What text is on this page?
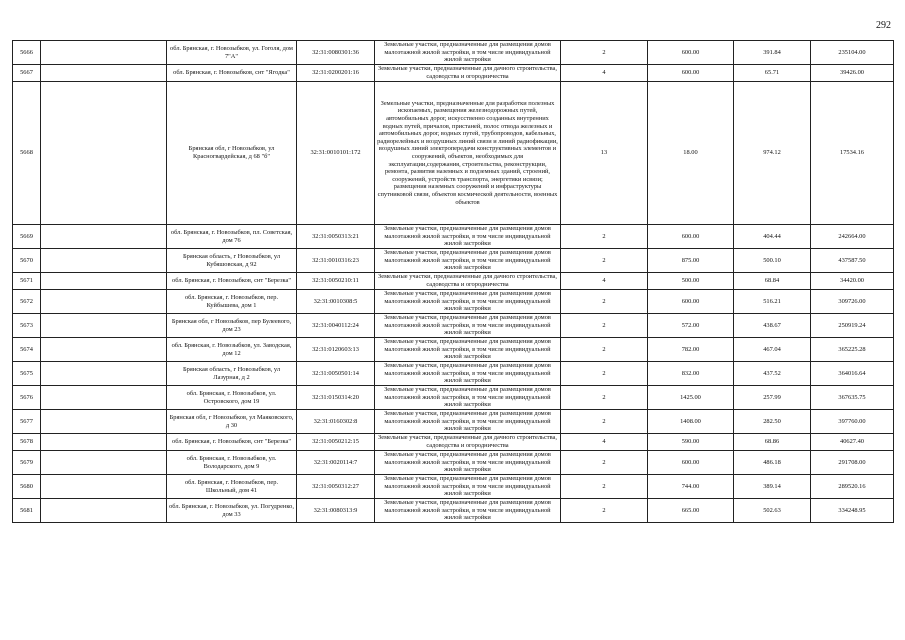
292
5666		обл. Брянская, г. Новозыбков, ул. Гоголя, дом 7"А"	32:31:0080301:36	Земельные участки, предназначенные для размещения домов малоэтажной жилой застройки, в том числе индивидуальной жилой застройки	2	600.00	391.84	235104.00
5667		обл. Брянская, г. Новозыбков, снт "Ягодка"	32:31:0200201:16	Земельные участки, предназначенные для дачного строительства, садоводства и огородничества	4	600.00	65.71	39426.00
5668		Брянская обл, г Новозыбков, ул Красногвардейская, д 68 "б"	32:31:0010101:172	Земельные участки, предназначенные для разработки полезных ископаемых, размещения железнодорожных путей, автомобильных дорог, искусственно созданных внутренних водных путей, причалов, пристаней, полос отвода железных и автомобильных дорог, водных путей, трубопроводов, кабельных, радиорелейных и воздушных линий связи и линий радиофикации, воздушных линий электропередачи конструктивных элементов и сооружений, объектов, необходимых для эксплуатации,содержания, строительства, реконструкции, ремонта, развития наземных и подземных зданий, строений, сооружений, устройств транспорта, энергетики исвязи; размещения наземных сооружений и инфраструктуры спутниковой связи, объектов космической деятельности, военных объектов	13	18.00	974.12	17534.16
5669		обл. Брянская, г. Новозыбков, пл. Советская, дом 76	32:31:0050313:21	Земельные участки, предназначенные для размещения домов малоэтажной жилой застройки, в том числе индивидуальной жилой застройки	2	600.00	404.44	242664.00
5670		Брянская область, г Новозыбков, ул Кубяшовская, д 92	32:31:0010316:23	Земельные участки, предназначенные для размещения домов малоэтажной жилой застройки, в том числе индивидуальной жилой застройки	2	875.00	500.10	437587.50
5671		обл. Брянская, г. Новозыбков, снт "Березка"	32:31:0050210:11	Земельные участки, предназначенные для дачного строительства, садоводства и огородничества	4	500.00	68.84	34420.00
5672		обл. Брянская, г. Новозыбков, пер. Куйбышева, дом 1	32:31:0010308:5	Земельные участки, предназначенные для размещения домов малоэтажной жилой застройки, в том числе индивидуальной жилой застройки	2	600.00	516.21	309726.00
5673		Брянская обл, г Новозыбков, пер Булеевого, дом 23	32:31:0040112:24	Земельные участки, предназначенные для размещения домов малоэтажной жилой застройки, в том числе индивидуальной жилой застройки	2	572.00	438.67	250919.24
5674		обл. Брянская, г. Новозыбков, ул. Заводская, дом 12	32:31:0120603:13	Земельные участки, предназначенные для размещения домов малоэтажной жилой застройки, в том числе индивидуальной жилой застройки	2	782.00	467.04	365225.28
5675		Брянская область, г Новозыбков, ул Лазурная, д 2	32:31:0050501:14	Земельные участки, предназначенные для размещения домов малоэтажной жилой застройки, в том числе индивидуальной жилой застройки	2	832.00	437.52	364016.64
5676		обл. Брянская, г. Новозыбков, ул. Островского, дом 19	32:31:0150314:20	Земельные участки, предназначенные для размещения домов малоэтажной жилой застройки, в том числе индивидуальной жилой застройки	2	1425.00	257.99	367635.75
5677		Брянская обл, г Новозыбков, ул Маяковского, д 30	32:31:0160302:8	Земельные участки, предназначенные для размещения домов малоэтажной жилой застройки, в том числе индивидуальной жилой застройки	2	1408.00	282.50	397760.00
5678		обл. Брянская, г. Новозыбков, снт "Березка"	32:31:0050212:15	Земельные участки, предназначенные для дачного строительства, садоводства и огородничества	4	590.00	68.86	40627.40
5679		обл. Брянская, г. Новозыбков, ул. Володарского, дом 9	32:31:0020114:7	Земельные участки, предназначенные для размещения домов малоэтажной жилой застройки, в том числе индивидуальной жилой застройки	2	600.00	486.18	291708.00
5680		обл. Брянская, г. Новозыбков, пер. Школьный, дом 41	32:31:0050312:27	Земельные участки, предназначенные для размещения домов малоэтажной жилой застройки, в том числе индивидуальной жилой застройки	2	744.00	389.14	289520.16
5681		обл. Брянская, г. Новозыбков, ул. Погудренко, дом 33	32:31:0080313:9	Земельные участки, предназначенные для размещения домов малоэтажной жилой застройки, в том числе индивидуальной жилой застройки	2	665.00	502.63	334248.95
